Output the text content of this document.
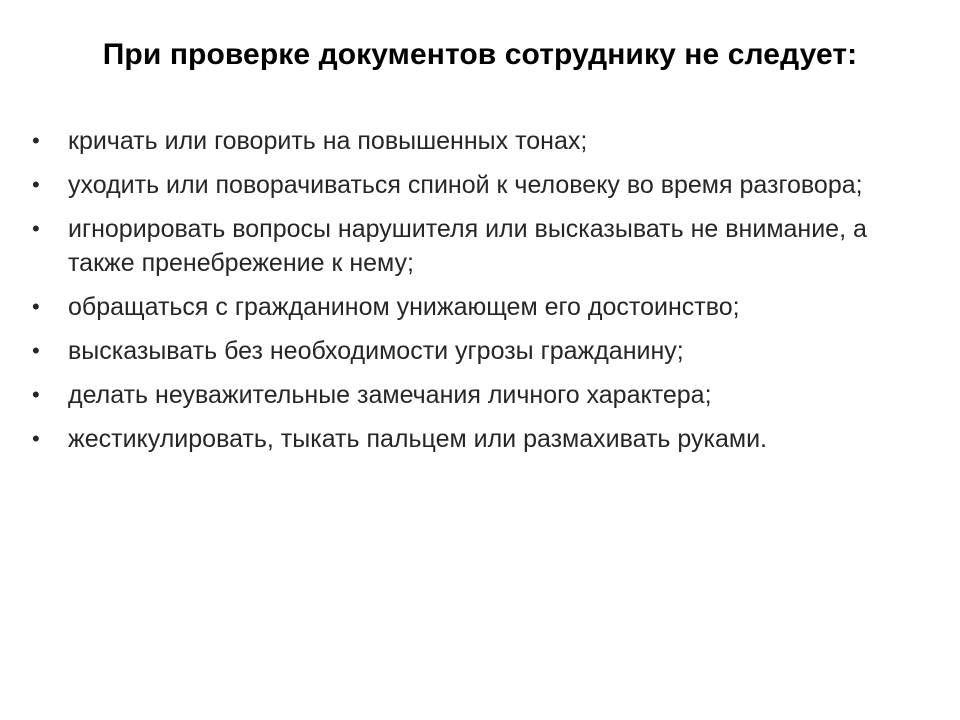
При проверке документов сотруднику не следует:
•	кричать или говорить на повышенных тонах;
•	уходить или поворачиваться спиной к человеку во время разговора;
•	игнорировать вопросы нарушителя или высказывать не внимание, а также пренебрежение к нему;
•	обращаться с гражданином унижающем его достоинство;
•	высказывать без необходимости угрозы гражданину;
•	делать неуважительные замечания личного характера;
•	жестикулировать, тыкать пальцем или размахивать руками.
